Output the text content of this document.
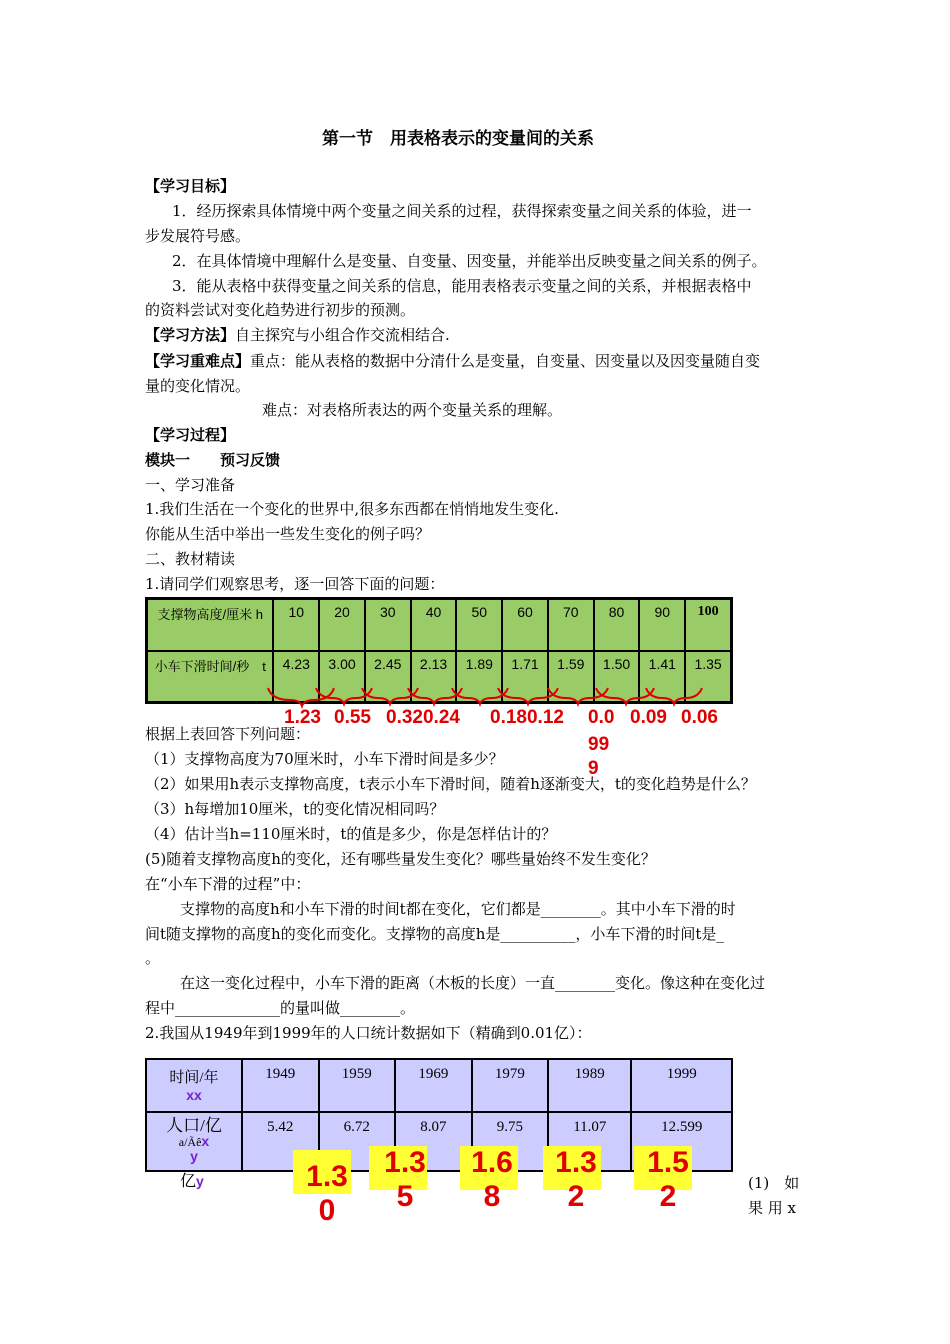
第一节　用表格表示的变量间的关系
【学习目标】
1．经历探索具体情境中两个变量之间关系的过程，获得探索变量之间关系的体验，进一
步发展符号感。
2．在具体情境中理解什么是变量、自变量、因变量，并能举出反映变量之间关系的例子。
3．能从表格中获得变量之间关系的信息，能用表格表示变量之间的关系，并根据表格中
的资料尝试对变化趋势进行初步的预测。
【学习方法】自主探究与小组合作交流相结合.
【学习重难点】重点：能从表格的数据中分清什么是变量，自变量、因变量以及因变量随自变
量的变化情况。
难点：对表格所表达的两个变量关系的理解。
【学习过程】
模块一　　预习反馈
一、学习准备
1.我们生活在一个变化的世界中,很多东西都在悄悄地发生变化.
你能从生活中举出一些发生变化的例子吗？
二、教材精读
1.请同学们观察思考，逐一回答下面的问题：
支撑物高度/厘米 h	10	20	30	40	50	60	70	80	90	100
小车下滑时间/秒　t	4.23	3.00	2.45	2.13	1.89	1.71	1.59	1.50	1.41	1.35
1.23 0.55 0.320.24 0.180.12 0.0 0.09 0.06
99
9
根据上表回答下列问题：
（1）支撑物高度为70厘米时，小车下滑时间是多少？
（2）如果用h表示支撑物高度，t表示小车下滑时间，随着h逐渐变大，t的变化趋势是什么？
（3）h每增加10厘米，t的变化情况相同吗？
（4）估计当h=110厘米时，t的值是多少，你是怎样估计的？
(5)随着支撑物高度h的变化，还有哪些量发生变化？哪些量始终不发生变化？
在“小车下滑的过程”中：
支撑物的高度h和小车下滑的时间t都在变化，它们都是________。其中小车下滑的时
间t随支撑物的高度h的变化而变化。支撑物的高度h是__________，小车下滑的时间t是_
。
在这一变化过程中，小车下滑的距离（木板的长度）一直________变化。像这种在变化过
程中______________的量叫做________。
2.我国从1949年到1999年的人口统计数据如下（精确到0.01亿）：
时间/年
xx	1949	1959	1969	1979	1989	1999
人口/亿
a/Ãêx
y	5.42	6.72	8.07	9.75	11.07	12.599
亿y	1.3
0
1.3
5
1.6
8
1.3
2
1.5
2	(1)　如
果 用 x
